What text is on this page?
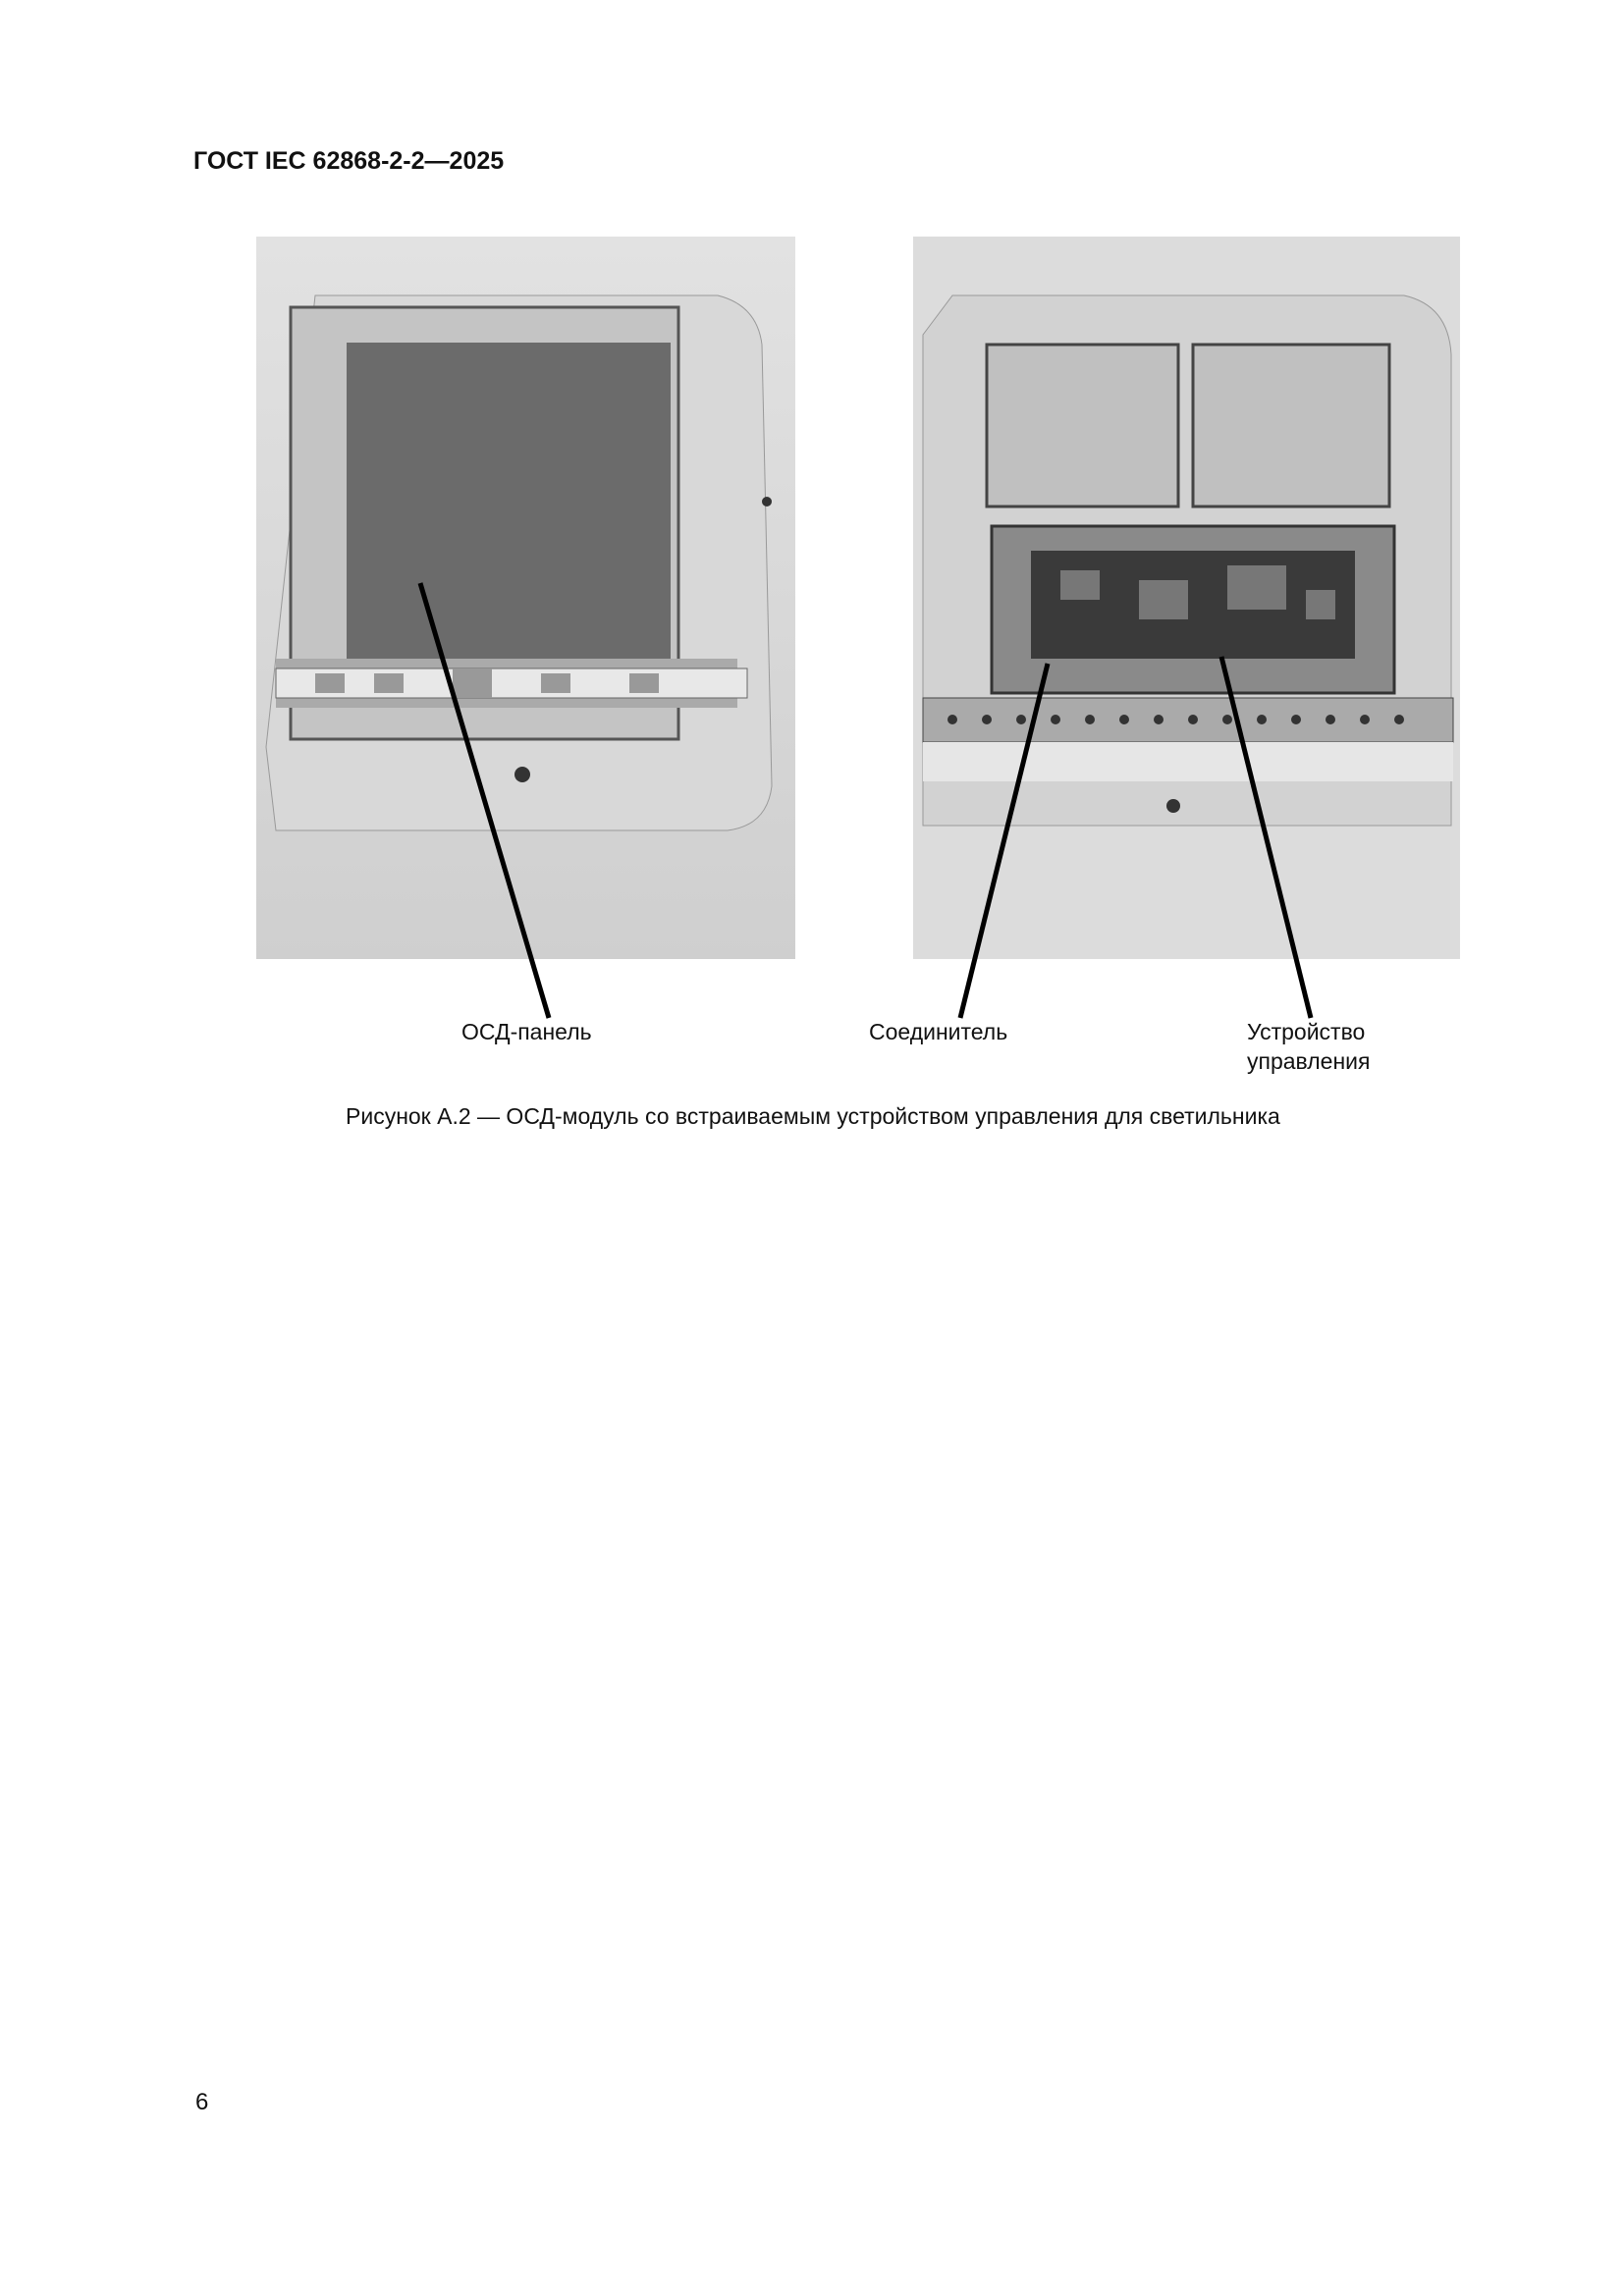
ГОСТ IEC 62868-2-2—2025
ОСД-панель	Соединитель	Устройство
управления
Рисунок А.2 — ОСД-модуль со встраиваемым устройством управления для светильника
6
